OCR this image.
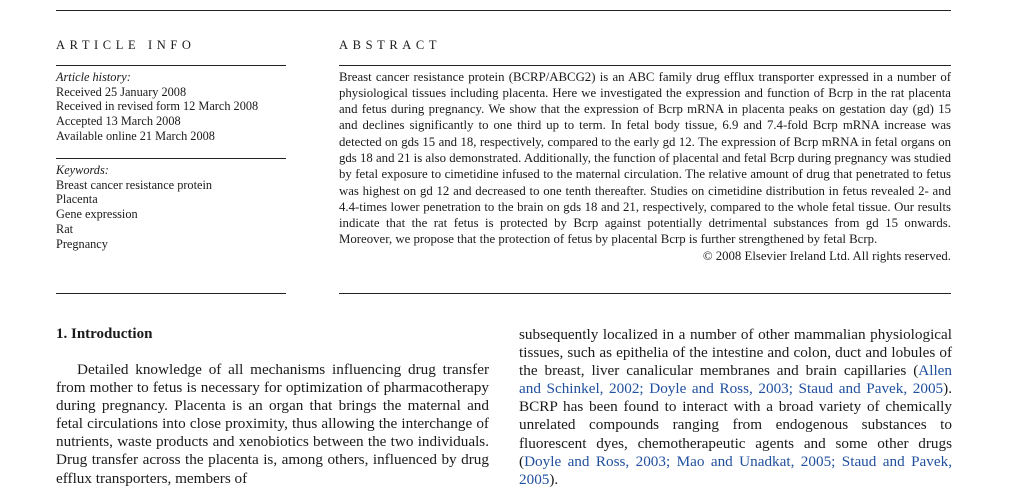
ARTICLE INFO
Article history:
Received 25 January 2008
Received in revised form 12 March 2008
Accepted 13 March 2008
Available online 21 March 2008
Keywords:
Breast cancer resistance protein
Placenta
Gene expression
Rat
Pregnancy
ABSTRACT
Breast cancer resistance protein (BCRP/ABCG2) is an ABC family drug efflux transporter expressed in a number of physiological tissues including placenta. Here we investigated the expression and function of Bcrp in the rat placenta and fetus during pregnancy. We show that the expression of Bcrp mRNA in placenta peaks on gestation day (gd) 15 and declines significantly to one third up to term. In fetal body tissue, 6.9 and 7.4-fold Bcrp mRNA increase was detected on gds 15 and 18, respectively, compared to the early gd 12. The expression of Bcrp mRNA in fetal organs on gds 18 and 21 is also demonstrated. Additionally, the function of placental and fetal Bcrp during pregnancy was studied by fetal exposure to cimetidine infused to the maternal circulation. The relative amount of drug that penetrated to fetus was highest on gd 12 and decreased to one tenth thereafter. Studies on cimetidine distribution in fetus revealed 2- and 4.4-times lower penetration to the brain on gds 18 and 21, respectively, compared to the whole fetal tissue. Our results indicate that the rat fetus is protected by Bcrp against potentially detrimental substances from gd 15 onwards. Moreover, we propose that the protection of fetus by placental Bcrp is further strengthened by fetal Bcrp.
© 2008 Elsevier Ireland Ltd. All rights reserved.
1. Introduction
Detailed knowledge of all mechanisms influencing drug transfer from mother to fetus is necessary for optimization of pharmacotherapy during pregnancy. Placenta is an organ that brings the maternal and fetal circulations into close proximity, thus allowing the interchange of nutrients, waste products and xenobiotics between the two individuals. Drug transfer across the placenta is, among others, influenced by drug efflux transporters, members of
subsequently localized in a number of other mammalian physiological tissues, such as epithelia of the intestine and colon, duct and lobules of the breast, liver canalicular membranes and brain capillaries (Allen and Schinkel, 2002; Doyle and Ross, 2003; Staud and Pavek, 2005). BCRP has been found to interact with a broad variety of chemically unrelated compounds ranging from endogenous substances to fluorescent dyes, chemotherapeutic agents and some other drugs (Doyle and Ross, 2003; Mao and Unadkat, 2005; Staud and Pavek, 2005).
